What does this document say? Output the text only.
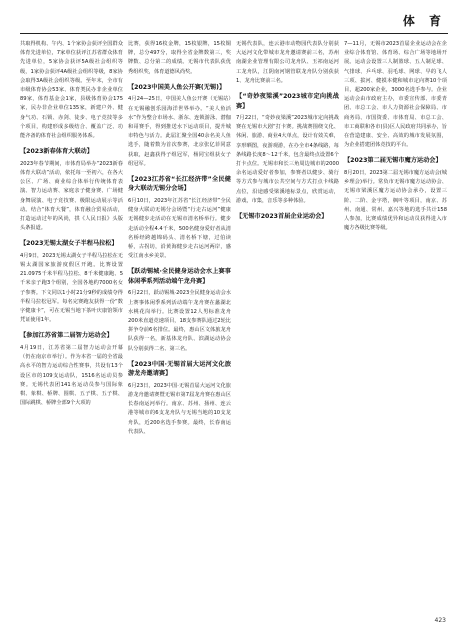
体 育

共取得机构、午内、1个家协会获评全国群众体育先进单位，7家单位获评江苏省群众体育先进单位，5家协会获评5A级社会组织等级，1家协会获评4A级社会组织等级，8家协会取得3A级社会组织等级。至年末，全市有市级体育协会53家、体育类民办非企业单位89家，体育基金会1家，县级体育协会175家，民办非企业单位135家，新建户外、健身气功、石锁、赤剑、徒步、电子竞技等多个项目，构建形成多级结合、覆盖广泛、功能齐备的体育社会组织服务体系。

【2023新春体育大联动】

2023年春节期间，市体育局举办“2023新春体育大联动”活动，依托每一至初六，在各大公区、广场、商业综合体举行传统体育表演、智力运动赛、家庭亲子健身赛、广场健身舞展演、电子竞技赛、极限运动展示等活动。结合“体育大餐”，体育融合贸易活动，打造运动过年的风尚，拱《人民日报》头版头条报道。

【2023无锡太湖女子半程马拉松】

4月9日，2023无锡太湖女子半程马拉松在无锡太湖国家旅游度假区开跑。比赛设置21.0975千米半程马拉松、8千米健康跑、5千米亲子跑3个组别，全国各地约7000名女子参赛。下文同以1小时21分9秒的成绩夺得半程马拉松冠军。每名完赛跑友获得一份“数字健康卡”，可在无锡当地下茶叶庆康馆领市凭证使用1年。

【参加江苏省第二届智力运动会】

4月19日，江苏省第二届智力运动会开幕（仍在南京市举行）。作为本省一届的全省最高水平的智力运动综合性赛事，共设有13个设区市的109支运动队，1516名运动员参赛。无锡代表团141名运动员参与国际象棋、象棋、桥牌、围棋、五子棋、五子棋、国际跳棋、桥牌全部9个大项的

比赛，获得16枚金牌，15枚银牌，15枚铜牌，总分497分，取得全省金牌数第三，奖牌数、总分第二的成绩。无锡市代表队获优秀组织奖，体育道德风尚奖。

【2023中国美人鱼公开赛(无锡)】

4月24—25日，中国美人鱼公开赛（无锡站）在无锡融创乐园海洋世界举办。“美人鱼活水”作为整合市场水、浙东、连锁游泳、潜伽和哥赛手，得到推送水下运动项目，提升城市特色与活力。此届汇聚全国40余名美人鱼选手，随着数为首次参赛，北京张亿菲同意获取，赵鑫获得子组冠军，杨同宝组获女子组冠军。

【2023江苏省“长江经济带”全民健身大联动无锡分会场】

6月10日，2023年江苏省“长江经济带”全民健身大联动无锡分会场暨“行走古运河”健康无锡健步走活动在无锡市清名桥举行。健步走活动全程4.4千米，500名健身爱好者从清名桥经跨越锦码头、清名桥下塘，过伯读桥，古拐坊，沿黄海健步走古运河两岸，感受江南水乡美景。

【跃动锡城·全民健身运动会水上赛事体闲季系列活动端午龙舟赛】

6月22日，跃动锡城·2023全民健身运动会水上赛事体闲季系列活动端午龙舟赛在蠡湖北水桃花岗举行。比赛设置12人男标准龙舟200米直道竞速项目，18支参赛队通过2轮比拼争夺前6名排位。最终，惠山区文体旅龙舟队获得一名，新基体龙舟队、滨湖运动协会队分别获得二名、第三名。

【2023中国·无锡首届大运河文化旅游龙舟邀请赛】

6月23日，2023中国·无锡首届大运河文化旅游龙舟邀请赛暨无锡市第7届龙舟赛在惠山区长春南运河举行。南京、苏州、扬州、连云港等城市的6支龙舟队与无锡当地的10支龙舟队，近200名选手参赛。最终，长春南运代表队、

无锡代表队，连云港市动物园代表队分别获大运河文化带城市龙舟邀请赛前三名，苏州南湖企业管理有限公司龙舟队、玉祁南运河工龙舟队，江阴南河钢管联龙舟队分别获获1、龙舟比赛前三名。

【“奇妙夜梁溪”2023城市定向挑战赛】

7月22日，“奇妙夜梁溪”2023城市定向挑战赛在无锡市大剧“打卡赛。挑战赛围绕文化、休闲、旅游、商业4大单点，设计有效关难，享形晒图，夜游观游，在办全市4条线路，每条线路长度8～12千米，包含最终点设置6个打卡点位。无锡市和长三角周边城市的2000余名运动爱好者参加，参赛者以健步、骑行等方式参与城市公共空间与方式打点卡线路点位，沿途感受梁溪地标景点，欣赏运动，游戏，市集，音乐等多种体验。

【无锡市2023首届企业运动会】

7—11月，无锡市2023首届企业运动会在企业综合体育馆、体育场、综合广场等地场开展。运动会设置三人制篮球、五人制足球、气排球、乒乓球、羽毛球、网球、早的飞人三项、拔河、健摸本健和城市定向赛10个项目，超200家企业，3000名选手参与。企业运动会由市政府主办，市委宣传部、市委青团、市总工会、市人力资源社会保障局、市商务局、市国资委、市体育局、市总工会、市工商联和各市(县)区人民政府共同承办，旨在营造建康、安全、高效的城市发展氛围，为企业搭建团体竞技的平台。

【2023第二届无锡市魔方运动会】

8月20日，2023第二届无锡市魔方运动会(城乡理会)举行。常负市无锡市魔方运动协会、无锡市梁溪区魔方运动协会承办，设置三阶、二阶、金字塔，枫叶等项目，南京、苏州、南通、常州、嘉兴等地的选手共计158人参加，比赛成绩优异和运动员获得进入市魔方各级比赛等级。

423
